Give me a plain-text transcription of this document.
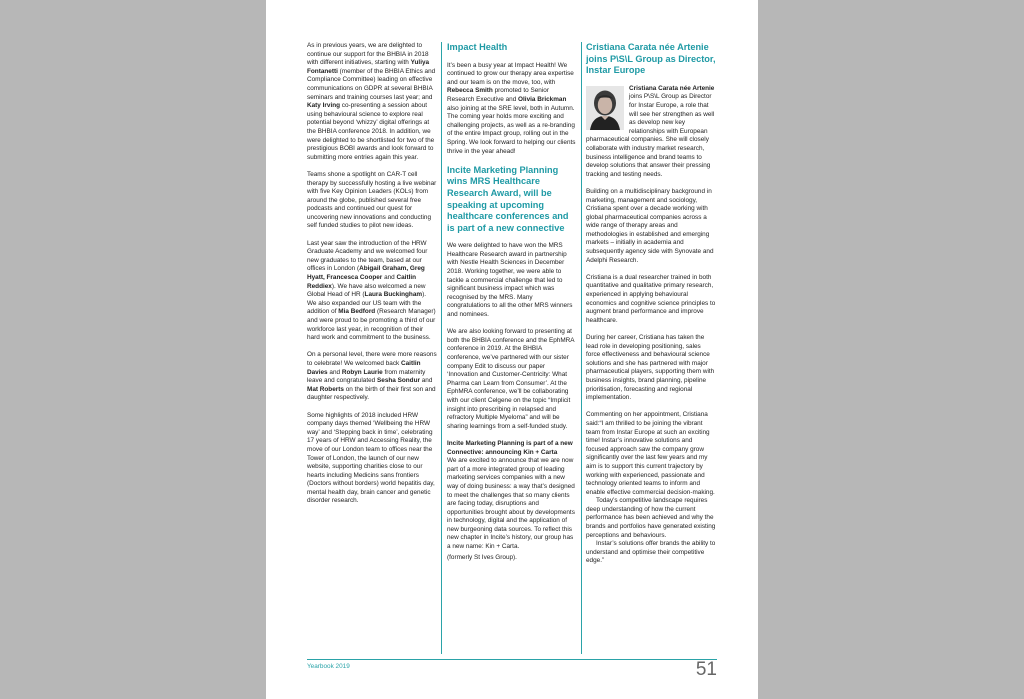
As in previous years, we are delighted to continue our support for the BHBIA in 2018 with different initiatives, starting with Yuliya Fontanetti (member of the BHBIA Ethics and Compliance Committee) leading on effective communications on GDPR at several BHBIA seminars and training courses last year; and Katy Irving co-presenting a session about using behavioural science to explore real potential beyond ‘whizzy’ digital offerings at the BHBIA conference 2018. In addition, we were delighted to be shortlisted for two of the prestigious BOBI awards and look forward to submitting more entries again this year.

Teams shone a spotlight on CAR-T cell therapy by successfully hosting a live webinar with five Key Opinion Leaders (KOLs) from around the globe, published several free podcasts and continued our quest for uncovering new innovations and conducting self funded studies to pilot new ideas.

Last year saw the introduction of the HRW Graduate Academy and we welcomed four new graduates to the team, based at our offices in London (Abigail Graham, Greg Hyatt, Francesca Cooper and Caitlin Reddiex). We have also welcomed a new Global Head of HR (Laura Buckingham). We also expanded our US team with the addition of Mia Bedford (Research Manager) and were proud to be promoting a third of our workforce last year, in recognition of their hard work and commitment to the business.

On a personal level, there were more reasons to celebrate! We welcomed back Caitlin Davies and Robyn Laurie from maternity leave and congratulated Sesha Sondur and Mat Roberts on the birth of their first son and daughter respectively.

Some highlights of 2018 included HRW company days themed ‘Wellbeing the HRW way’ and ‘Stepping back in time’, celebrating 17 years of HRW and Accessing Reality, the move of our London team to offices near the Tower of London, the launch of our new website, supporting charities close to our hearts including Medicins sans frontiers (Doctors without borders) world hepatitis day, mental health day, brain cancer and genetic disorder research.

Impact Health

It’s been a busy year at Impact Health! We continued to grow our therapy area expertise and our team is on the move, too, with Rebecca Smith promoted to Senior Research Executive and Olivia Brickman also joining at the SRE level, both in Autumn. The coming year holds more exciting and challenging projects, as well as a re-branding of the entire Impact group, rolling out in the Spring. We look forward to helping our clients thrive in the year ahead!

Incite Marketing Planning wins MRS Healthcare Research Award, will be speaking at upcoming healthcare conferences and is part of a new connective

We were delighted to have won the MRS Healthcare Research award in partnership with Nestle Health Sciences in December 2018. Working together, we were able to tackle a commercial challenge that led to significant business impact which was recognised by the MRS. Many congratulations to all the other MRS winners and nominees.

We are also looking forward to presenting at both the BHBIA conference and the EphMRA conference in 2019. At the BHBIA conference, we’ve partnered with our sister company Edit to discuss our paper ‘Innovation and Customer-Centricity: What Pharma can Learn from Consumer’. At the EphMRA conference, we’ll be collaborating with our client Celgene on the topic “Implicit insight into prescribing in relapsed and refractory Multiple Myeloma” and will be sharing learnings from a self-funded study.

Incite Marketing Planning is part of a new Connective: announcing Kin + Carta

We are excited to announce that we are now part of a more integrated group of leading marketing services companies with a new way of doing business: a way that’s designed to meet the challenges that so many clients are facing today, disruptions and opportunities brought about by developments in technology, digital and the application of new burgeoning data sources. To reflect this new chapter in Incite’s history, our group has a new name: Kin + Carta.

(formerly St Ives Group).

Cristiana Carata née Artenie joins P\S\L Group as Director, Instar Europe
Cristiana Carata née Artenie joins P\S\L Group as Director for Instar Europe, a role that will see her strengthen as well as develop new key relationships with European pharmaceutical companies. She will closely collaborate with industry market research, business intelligence and brand teams to develop solutions that answer their pressing tracking and testing needs.

Building on a multidisciplinary background in marketing, management and sociology, Cristiana spent over a decade working with global pharmaceutical companies across a wide range of therapy areas and methodologies in established and emerging markets – initially in academia and subsequently agency side with Synovate and Adelphi Research.

Cristiana is a dual researcher trained in both quantitative and qualitative primary research, experienced in applying behavioural economics and cognitive science principles to augment brand performance and improve healthcare.

During her career, Cristiana has taken the lead role in developing positioning, sales force effectiveness and behavioural science solutions and she has partnered with major pharmaceutical players, supporting them with business insights, brand planning, pipeline prioritisation, forecasting and regional implementation.

Commenting on her appointment, Cristiana said:“I am thrilled to be joining the vibrant team from Instar Europe at such an exciting time! Instar’s innovative solutions and focused approach saw the company grow significantly over the last few years and my aim is to support this current trajectory by working with experienced, passionate and technology oriented teams to inform and enable effective commercial decision-making.

Today’s competitive landscape requires deep understanding of how the current performance has been achieved and why the brands and portfolios have generated existing perceptions and behaviours.

Instar’s solutions offer brands the ability to understand and optimise their competitive edge.”

Yearbook 2019	51
